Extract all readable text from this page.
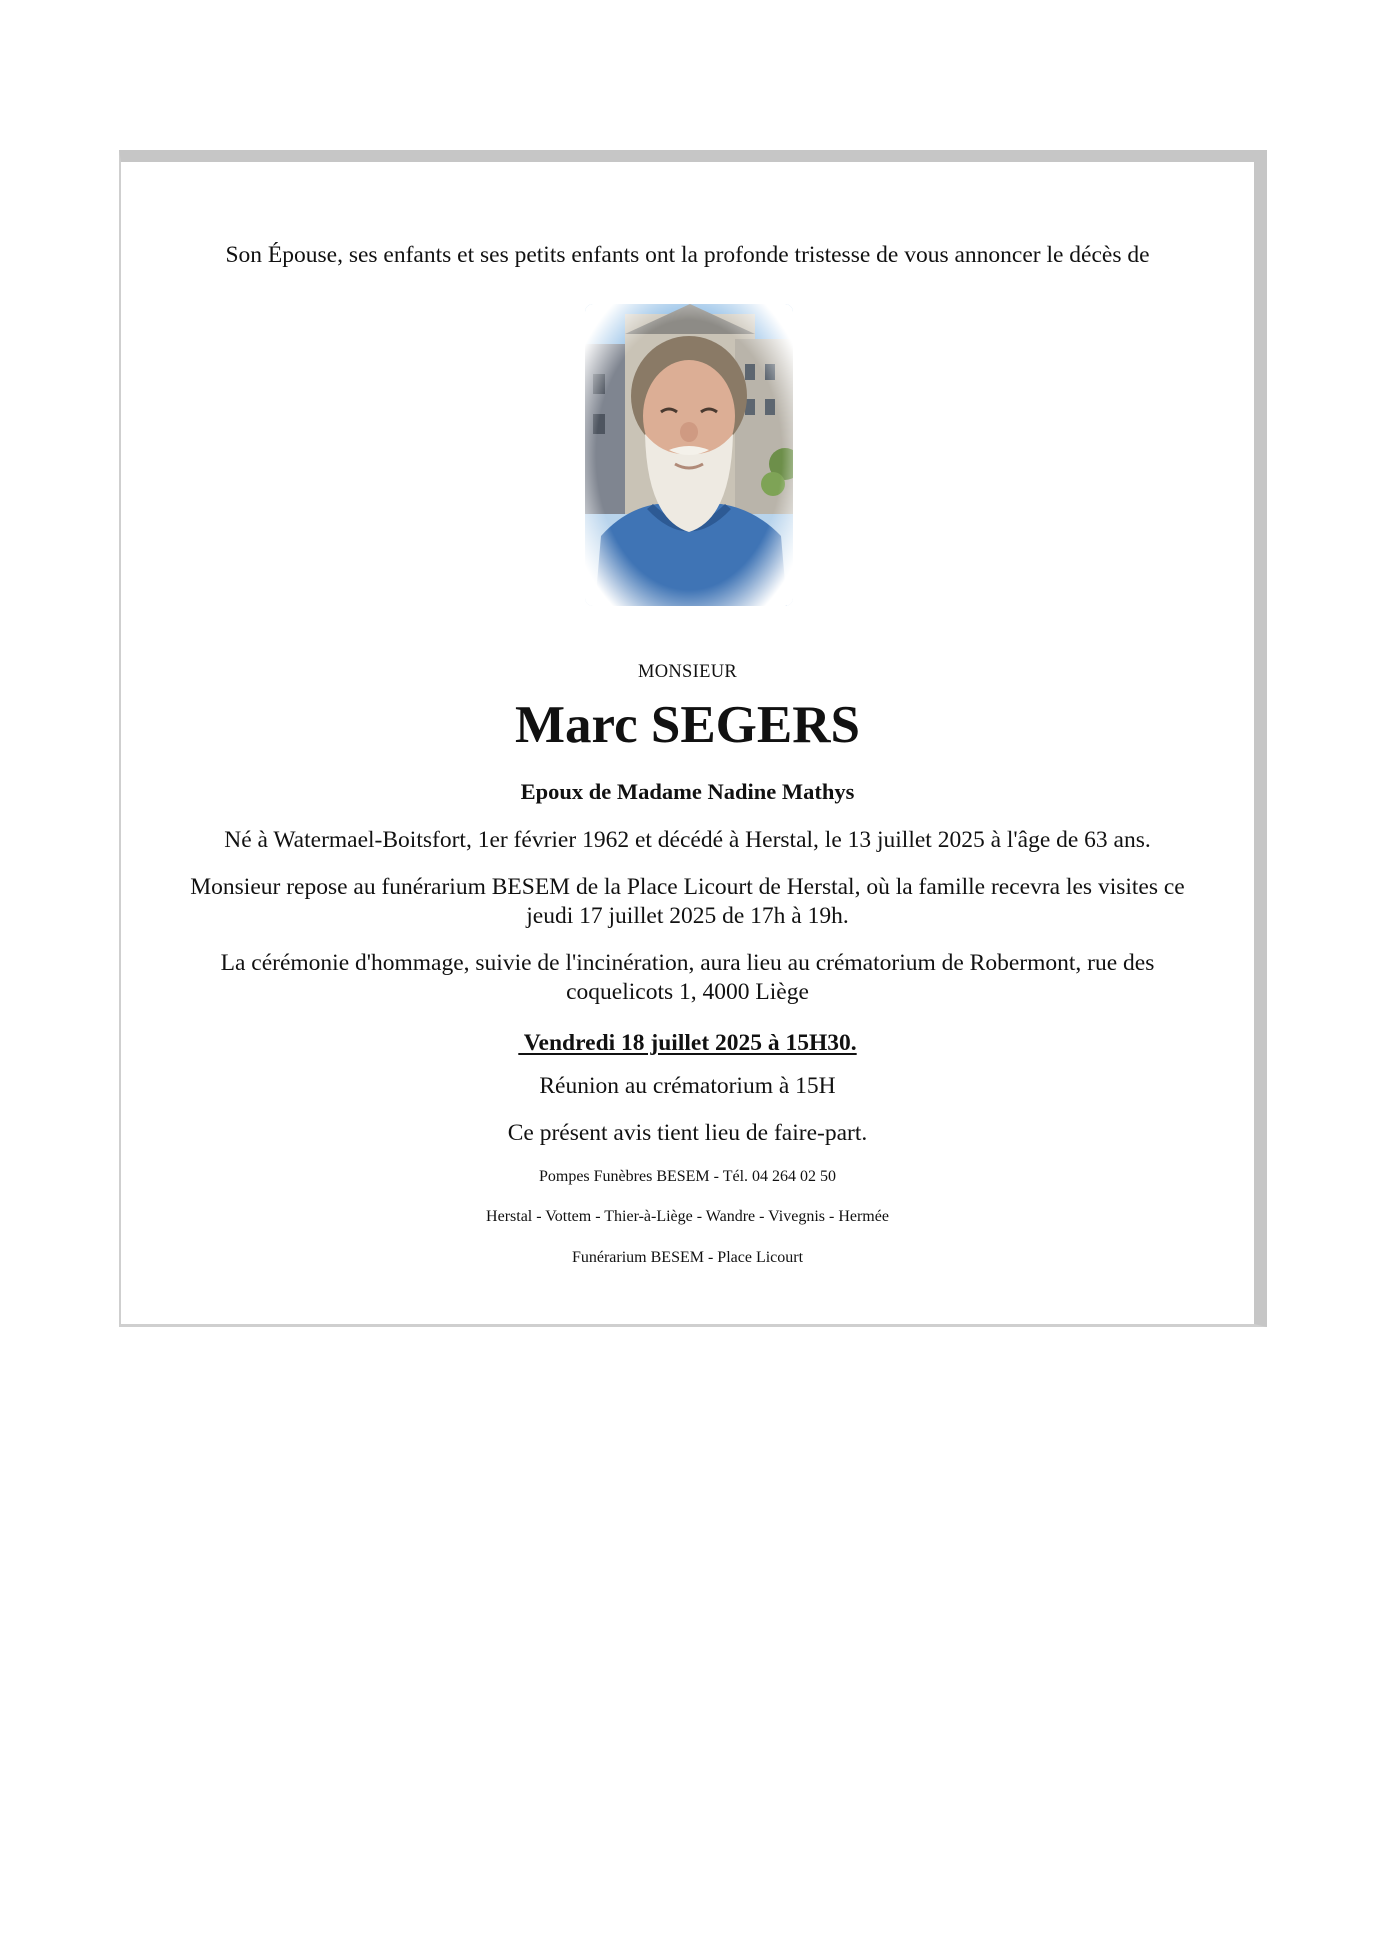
Son Épouse, ses enfants et ses petits enfants ont la profonde tristesse de vous annoncer le décès de
MONSIEUR
Marc SEGERS
Epoux de Madame Nadine Mathys
Né à Watermael-Boitsfort, 1er février 1962 et décédé à Herstal, le 13 juillet 2025 à l'âge de 63 ans.
Monsieur repose au funérarium BESEM de la Place Licourt de Herstal, où la famille recevra les visites ce
jeudi 17 juillet 2025 de 17h à 19h.
La cérémonie d'hommage, suivie de l'incinération, aura lieu au crématorium de Robermont, rue des
coquelicots 1, 4000 Liège
Vendredi 18 juillet 2025 à 15H30.
Réunion au crématorium à 15H
Ce présent avis tient lieu de faire-part.
Pompes Funèbres BESEM - Tél. 04 264 02 50
Herstal - Vottem - Thier-à-Liège - Wandre - Vivegnis - Hermée
Funérarium BESEM - Place Licourt
